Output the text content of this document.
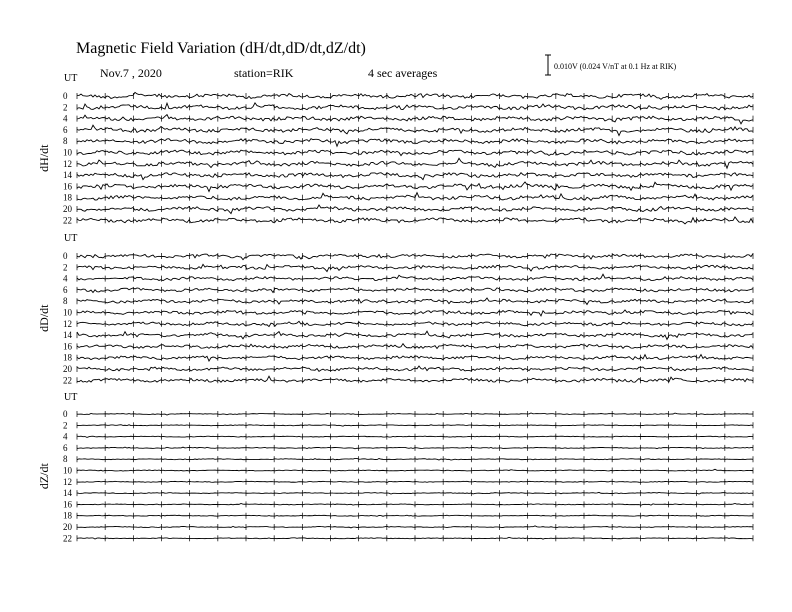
Magnetic Field Variation (dH/dt,dD/dt,dZ/dt)
Nov.7 , 2020	station=RIK	4 sec averages	0.010V (0.024 V/nT at 0.1 Hz at RIK)
UT
dH/dt
0
2
4
6
8
10
12
14
16
18
20
22
UT
dD/dt
0
2
4
6
8
10
12
14
16
18
20
22
UT
dZ/dt
0
2
4
6
8
10
12
14
16
18
20
22
